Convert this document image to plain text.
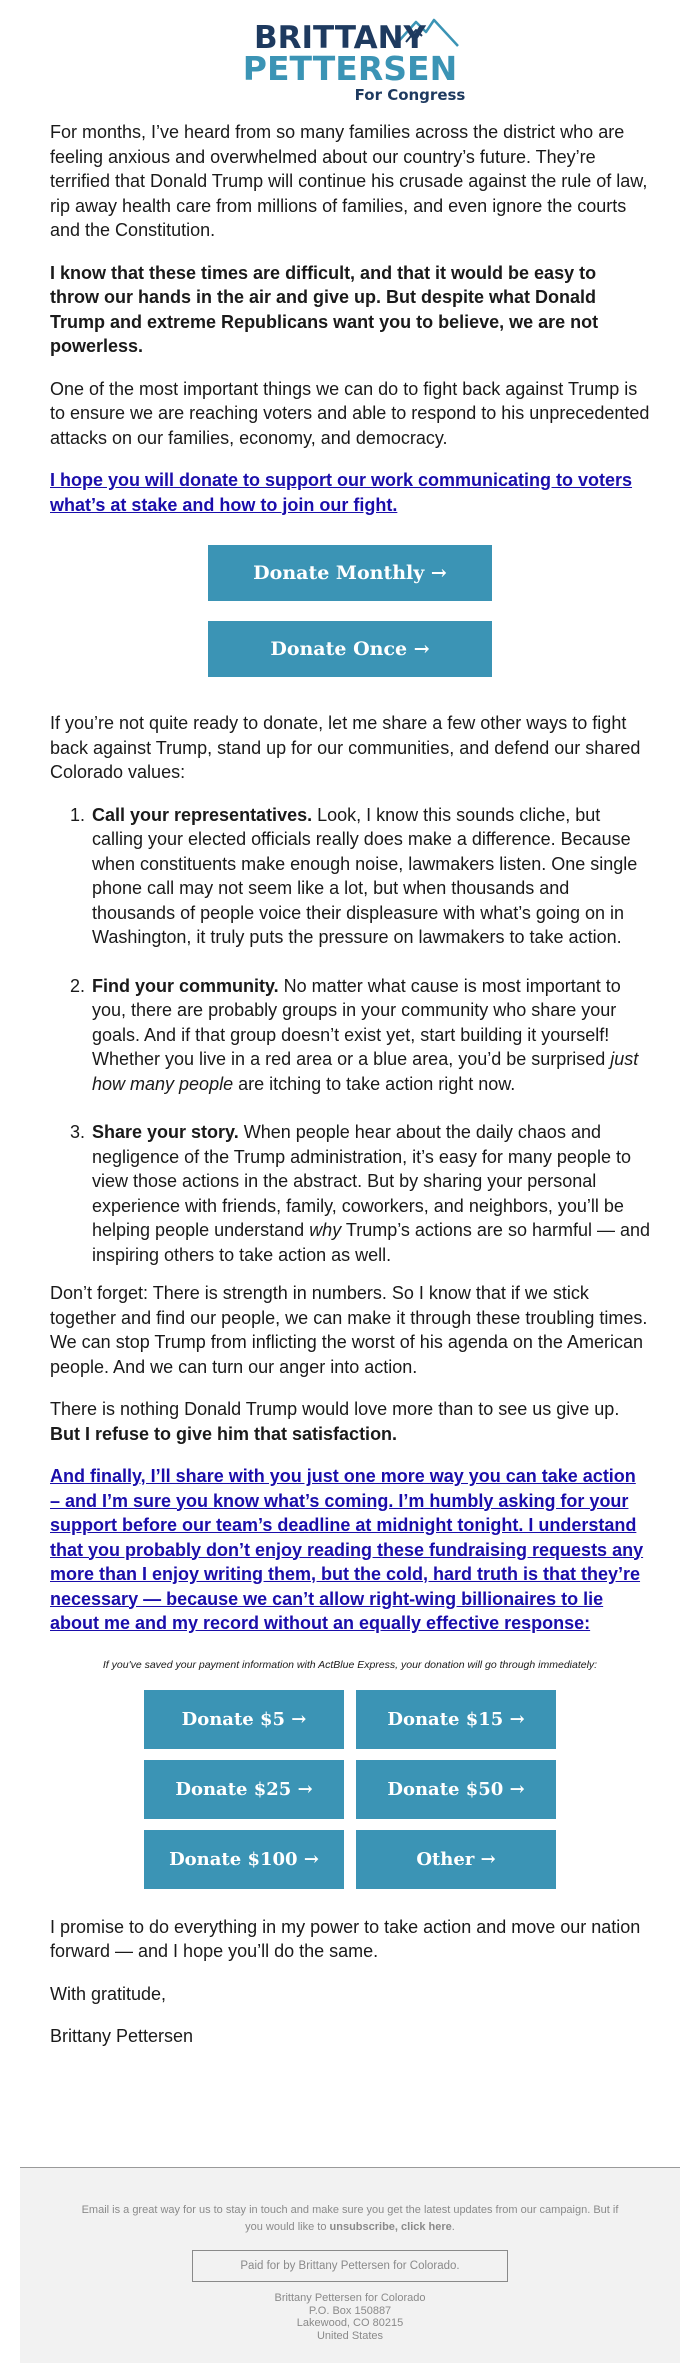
BRITTANY
PETTERSEN
For Congress

For months, I’ve heard from so many families across the district who are feeling anxious and overwhelmed about our country’s future. They’re terrified that Donald Trump will continue his crusade against the rule of law, rip away health care from millions of families, and even ignore the courts and the Constitution.

I know that these times are difficult, and that it would be easy to throw our hands in the air and give up. But despite what Donald Trump and extreme Republicans want you to believe, we are not powerless.

One of the most important things we can do to fight back against Trump is to ensure we are reaching voters and able to respond to his unprecedented attacks on our families, economy, and democracy.

I hope you will donate to support our work communicating to voters what’s at stake and how to join our fight.

Donate Monthly →
Donate Once →

If you’re not quite ready to donate, let me share a few other ways to fight back against Trump, stand up for our communities, and defend our shared Colorado values:

1. Call your representatives. Look, I know this sounds cliche, but calling your elected officials really does make a difference. Because when constituents make enough noise, lawmakers listen. One single phone call may not seem like a lot, but when thousands and thousands of people voice their displeasure with what’s going on in Washington, it truly puts the pressure on lawmakers to take action.
2. Find your community. No matter what cause is most important to you, there are probably groups in your community who share your goals. And if that group doesn’t exist yet, start building it yourself! Whether you live in a red area or a blue area, you’d be surprised just how many people are itching to take action right now.
3. Share your story. When people hear about the daily chaos and negligence of the Trump administration, it’s easy for many people to view those actions in the abstract. But by sharing your personal experience with friends, family, coworkers, and neighbors, you’ll be helping people understand why Trump’s actions are so harmful — and inspiring others to take action as well.

Don’t forget: There is strength in numbers. So I know that if we stick together and find our people, we can make it through these troubling times. We can stop Trump from inflicting the worst of his agenda on the American people. And we can turn our anger into action.

There is nothing Donald Trump would love more than to see us give up.
But I refuse to give him that satisfaction.

And finally, I’ll share with you just one more way you can take action – and I’m sure you know what’s coming. I’m humbly asking for your support before our team’s deadline at midnight tonight. I understand that you probably don’t enjoy reading these fundraising requests any more than I enjoy writing them, but the cold, hard truth is that they’re necessary — because we can’t allow right-wing billionaires to lie about me and my record without an equally effective response:

If you've saved your payment information with ActBlue Express, your donation will go through immediately:

Donate $5 →	Donate $15 →
Donate $25 →	Donate $50 →
Donate $100 →	Other →

I promise to do everything in my power to take action and move our nation forward — and I hope you’ll do the same.

With gratitude,

Brittany Pettersen

Email is a great way for us to stay in touch and make sure you get the latest updates from our campaign. But if you would like to unsubscribe, click here.
Paid for by Brittany Pettersen for Colorado.
Brittany Pettersen for Colorado
P.O. Box 150887
Lakewood, CO 80215
United States
